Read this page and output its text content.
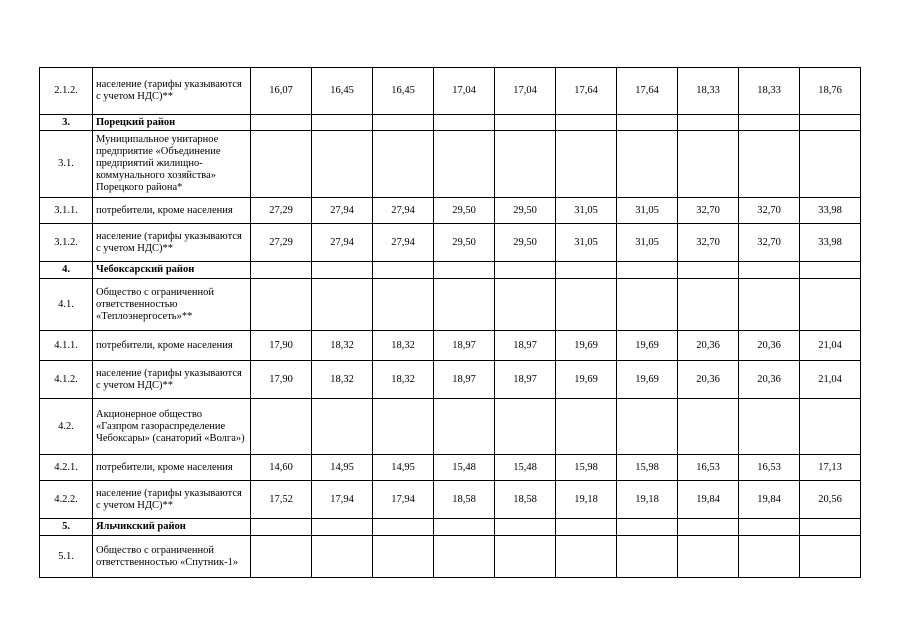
2.1.2.	население (тарифы указываются с учетом НДС)**	16,07	16,45	16,45	17,04	17,04	17,64	17,64	18,33	18,33	18,76
3.	Порецкий район										
3.1.	Муниципальное унитарное предприятие «Объединение предприятий жилищно-коммунального хозяйства» Порецкого района*										
3.1.1.	потребители, кроме населения	27,29	27,94	27,94	29,50	29,50	31,05	31,05	32,70	32,70	33,98
3.1.2.	население (тарифы указываются с учетом НДС)**	27,29	27,94	27,94	29,50	29,50	31,05	31,05	32,70	32,70	33,98
4.	Чебоксарский район										
4.1.	Общество с ограниченной ответственностью «Теплоэнергосеть»**										
4.1.1.	потребители, кроме населения	17,90	18,32	18,32	18,97	18,97	19,69	19,69	20,36	20,36	21,04
4.1.2.	население (тарифы указываются с учетом НДС)**	17,90	18,32	18,32	18,97	18,97	19,69	19,69	20,36	20,36	21,04
4.2.	Акционерное общество «Газпром газораспределение Чебоксары» (санаторий «Волга»)										
4.2.1.	потребители, кроме населения	14,60	14,95	14,95	15,48	15,48	15,98	15,98	16,53	16,53	17,13
4.2.2.	население (тарифы указываются с учетом НДС)**	17,52	17,94	17,94	18,58	18,58	19,18	19,18	19,84	19,84	20,56
5.	Яльчикский район										
5.1.	Общество с ограниченной ответственностью «Спутник-1»										
